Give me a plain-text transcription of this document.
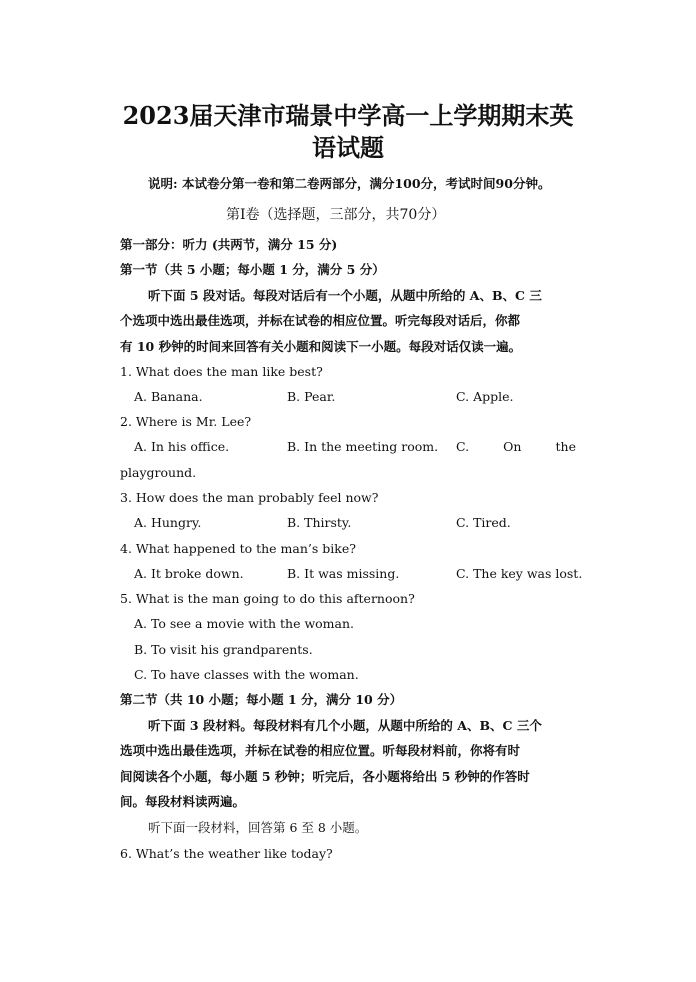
2023届天津市瑞景中学高一上学期期末英
语试题
说明: 本试卷分第一卷和第二卷两部分，满分100分，考试时间90分钟。
第I卷（选择题，三部分，共70分）
第一部分：听力 (共两节，满分 15 分)
第一节（共 5 小题；每小题 1 分，满分 5 分）
听下面 5 段对话。每段对话后有一个小题，从题中所给的 A、B、C 三
个选项中选出最佳选项，并标在试卷的相应位置。听完每段对话后，你都
有 10 秒钟的时间来回答有关小题和阅读下一小题。每段对话仅读一遍。
1. What does the man like best?
A. Banana.	B. Pear.	C. Apple.
2. Where is Mr. Lee?
A. In his office.	B. In the meeting room. C.	On	the
playground.
3. How does the man probably feel now?
A. Hungry.	B. Thirsty.	C. Tired.
4. What happened to the man’s bike?
A. It broke down.	B. It was missing.	C. The key was lost.
5. What is the man going to do this afternoon?
A. To see a movie with the woman.
B. To visit his grandparents.
C. To have classes with the woman.
第二节（共 10 小题；每小题 1 分，满分 10 分）
听下面 3 段材料。每段材料有几个小题，从题中所给的 A、B、C 三个
选项中选出最佳选项，并标在试卷的相应位置。听每段材料前，你将有时
间阅读各个小题，每小题 5 秒钟；听完后，各小题将给出 5 秒钟的作答时
间。每段材料读两遍。
听下面一段材料，回答第 6 至 8 小题。
6. What’s the weather like today?
